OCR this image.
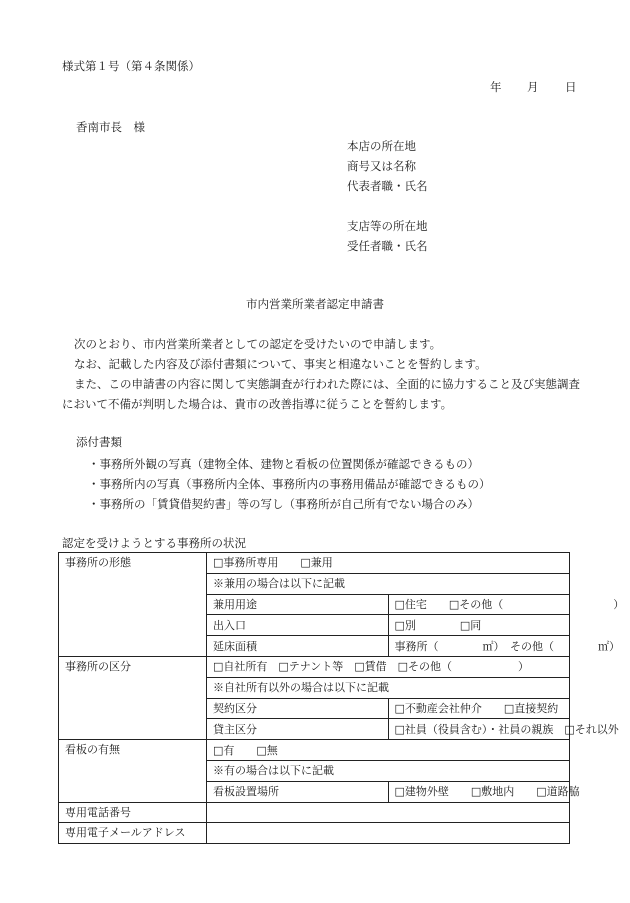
様式第１号（第４条関係）
年 月 日
香南市長　様
本店の所在地
商号又は名称
代表者職・氏名
支店等の所在地
受任者職・氏名
市内営業所業者認定申請書
次のとおり、市内営業所業者としての認定を受けたいので申請します。
なお、記載した内容及び添付書類について、事実と相違ないことを誓約します。
また、この申請書の内容に関して実態調査が行われた際には、全面的に協力すること及び実態調査において不備が判明した場合は、貴市の改善指導に従うことを誓約します。
添付書類
・事務所外観の写真（建物全体、建物と看板の位置関係が確認できるもの）
・事務所内の写真（事務所内全体、事務所内の事務用備品が確認できるもの）
・事務所の「賃貸借契約書」等の写し（事務所が自己所有でない場合のみ）
認定を受けようとする事務所の状況
事務所の形態	□事務所専用　　□兼用	
	※兼用の場合は以下に記載	
	兼用用途	□住宅　　□その他（　　　　　　　　　　）
	出入口	□別　　　　□同
	延床面積	事務所（　　　　㎡）　その他（　　　　㎡）
事務所の区分	□自社所有　□テナント等　□賃借　□その他（　　　　　　）	
	※自社所有以外の場合は以下に記載	
	契約区分	□不動産会社仲介　　□直接契約
	貸主区分	□社員（役員含む）・社員の親族　□それ以外
看板の有無	□有　　□無	
	※有の場合は以下に記載	
	看板設置場所	□建物外壁　　□敷地内　　□道路脇
専用電話番号		
専用電子メールアドレス		
